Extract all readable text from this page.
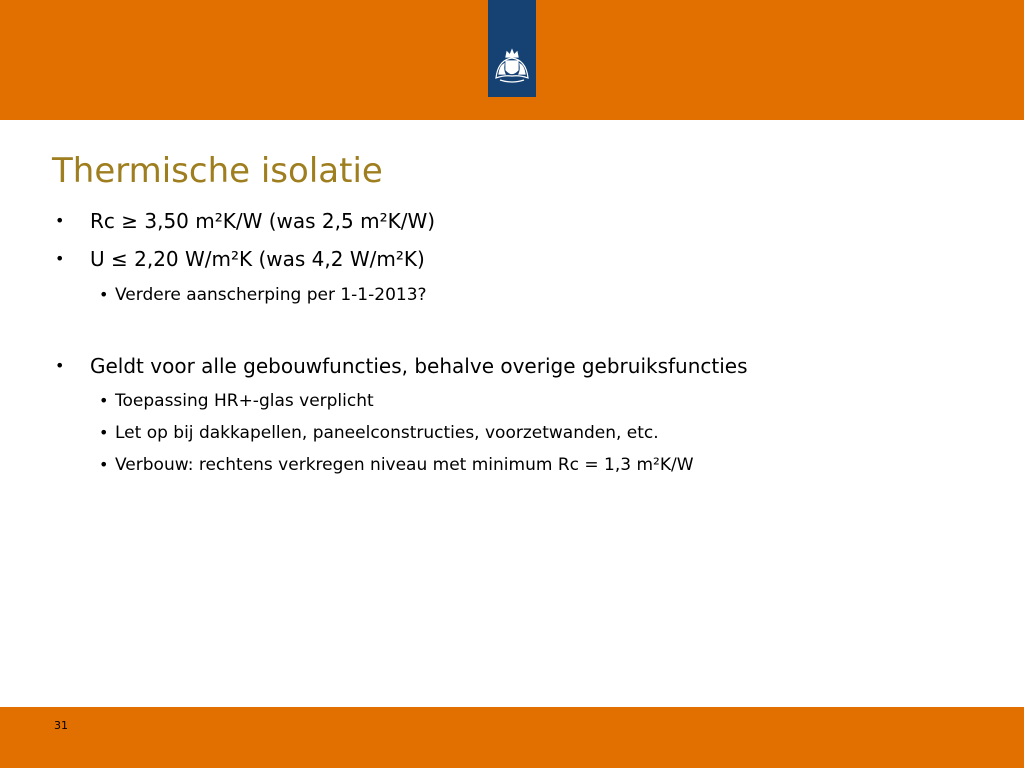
Thermische isolatie
• Rc ≥ 3,50 m²K/W (was 2,5 m²K/W)
• U ≤ 2,20 W/m²K (was 4,2 W/m²K)
• Verdere aanscherping per 1-1-2013?
• Geldt voor alle gebouwfuncties, behalve overige gebruiksfuncties
• Toepassing HR+-glas verplicht
• Let op bij dakkapellen, paneelconstructies, voorzetwanden, etc.
• Verbouw: rechtens verkregen niveau met minimum Rc = 1,3 m²K/W
31
